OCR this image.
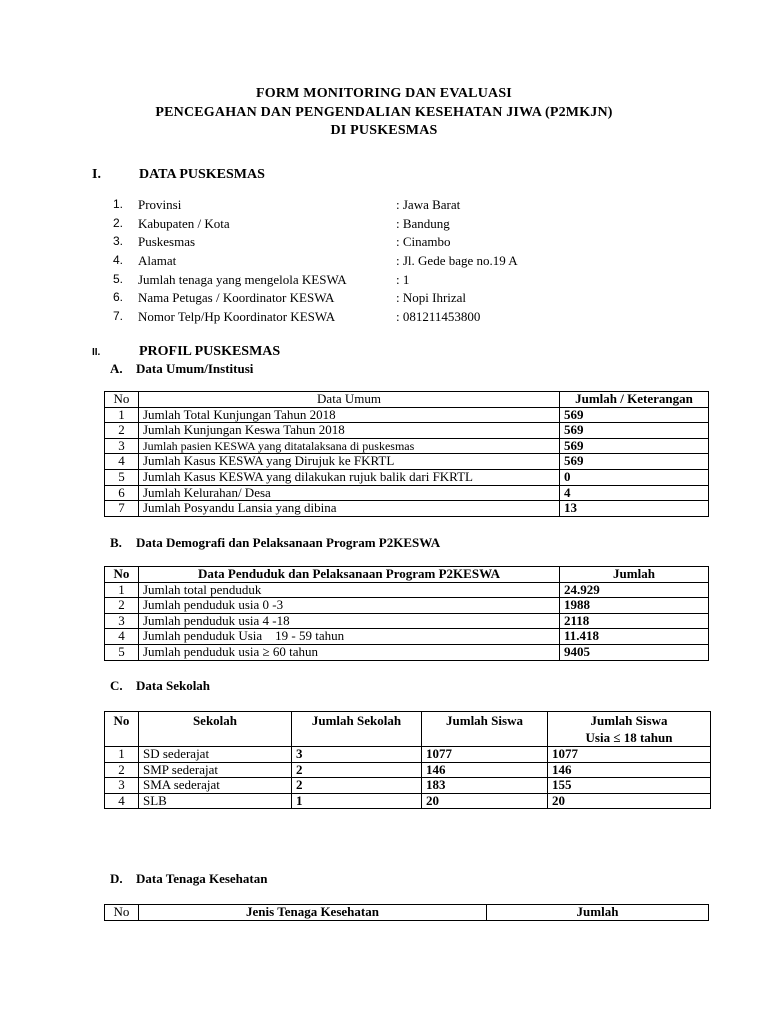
FORM MONITORING DAN EVALUASI
PENCEGAHAN DAN PENGENDALIAN KESEHATAN JIWA (P2MKJN)
DI PUSKESMAS
I.	DATA PUSKESMAS
1.	Provinsi	: Jawa Barat
2.	Kabupaten / Kota	: Bandung
3.	Puskesmas	: Cinambo
4.	Alamat	: Jl. Gede bage no.19 A
5.	Jumlah tenaga yang mengelola KESWA	: 1
6.	Nama Petugas / Koordinator KESWA	: Nopi Ihrizal
7.	Nomor Telp/Hp Koordinator KESWA	: 081211453800
II.	PROFIL PUSKESMAS
A. Data Umum/Institusi
No	Data Umum	Jumlah / Keterangan
1	Jumlah Total Kunjungan Tahun 2018	569
2	Jumlah Kunjungan Keswa Tahun 2018	569
3	Jumlah pasien KESWA yang ditatalaksana di puskesmas	569
4	Jumlah Kasus KESWA yang Dirujuk ke FKRTL	569
5	Jumlah Kasus KESWA yang dilakukan rujuk balik dari FKRTL	0
6	Jumlah Kelurahan/ Desa	4
7	Jumlah Posyandu Lansia yang dibina	13
B. Data Demografi dan Pelaksanaan Program P2KESWA
No	Data Penduduk dan Pelaksanaan Program P2KESWA	Jumlah
1	Jumlah total penduduk	24.929
2	Jumlah penduduk usia 0 -3	1988
3	Jumlah penduduk usia 4 -18	2118
4	Jumlah penduduk Usia    19 - 59 tahun	11.418
5	Jumlah penduduk usia ≥ 60 tahun	9405
C. Data Sekolah
No	Sekolah	Jumlah Sekolah	Jumlah Siswa	Jumlah Siswa
Usia ≤ 18 tahun

1	SD sederajat	3	1077	1077
2	SMP sederajat	2	146	146
3	SMA sederajat	2	183	155
4	SLB	1	20	20
D. Data Tenaga Kesehatan
No	Jenis Tenaga Kesehatan	Jumlah
